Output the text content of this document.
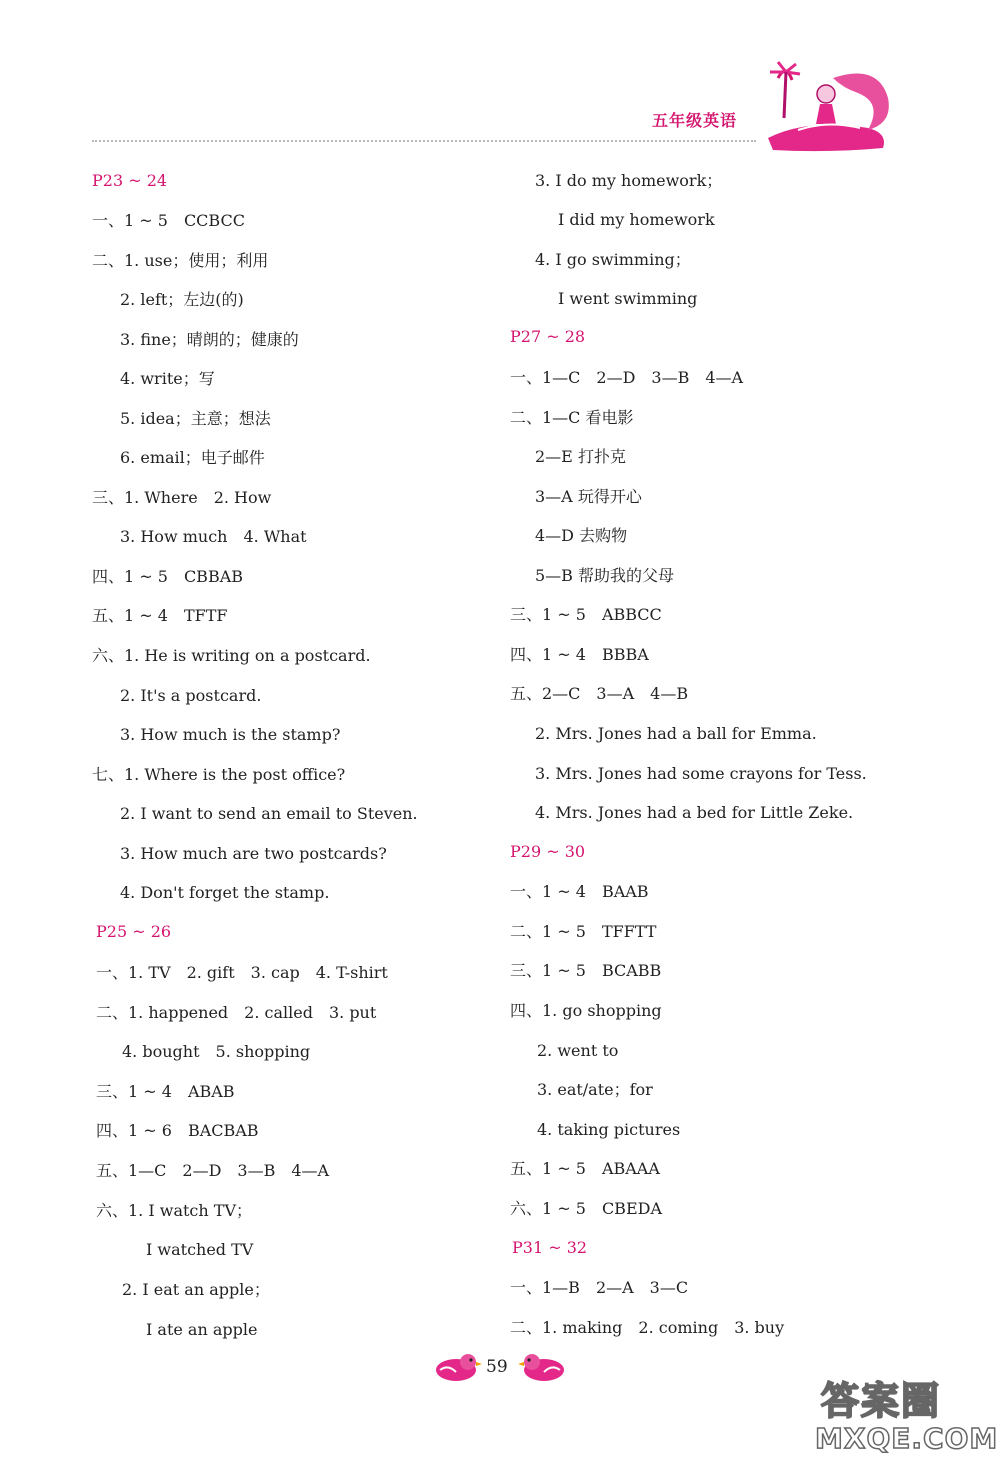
五年级英语
P23 ~ 24
一、1 ~ 5　CCBCC
二、1. use；使用；利用
2. left；左边(的)
3. fine；晴朗的；健康的
4. write；写
5. idea；主意；想法
6. email；电子邮件
三、1. Where　2. How
3. How much　4. What
四、1 ~ 5　CBBAB
五、1 ~ 4　TFTF
六、1. He is writing on a postcard.
2. It's a postcard.
3. How much is the stamp?
七、1. Where is the post office?
2. I want to send an email to Steven.
3. How much are two postcards?
4. Don't forget the stamp.
P25 ~ 26
一、1. TV　2. gift　3. cap　4. T-shirt
二、1. happened　2. called　3. put
4. bought　5. shopping
三、1 ~ 4　ABAB
四、1 ~ 6　BACBAB
五、1—C　2—D　3—B　4—A
六、1. I watch TV；
I watched TV
2. I eat an apple；
I ate an apple
3. I do my homework；
I did my homework
4. I go swimming；
I went swimming
P27 ~ 28
一、1—C　2—D　3—B　4—A
二、1—C 看电影
2—E 打扑克
3—A 玩得开心
4—D 去购物
5—B 帮助我的父母
三、1 ~ 5　ABBCC
四、1 ~ 4　BBBA
五、2—C　3—A　4—B
2. Mrs. Jones had a ball for Emma.
3. Mrs. Jones had some crayons for Tess.
4. Mrs. Jones had a bed for Little Zeke.
P29 ~ 30
一、1 ~ 4　BAAB
二、1 ~ 5　TFFTT
三、1 ~ 5　BCABB
四、1. go shopping
2. went to
3. eat/ate；for
4. taking pictures
五、1 ~ 5　ABAAA
六、1 ~ 5　CBEDA
P31 ~ 32
一、1—B　2—A　3—C
二、1. making　2. coming　3. buy
59
答案圈
MXQE.COM
